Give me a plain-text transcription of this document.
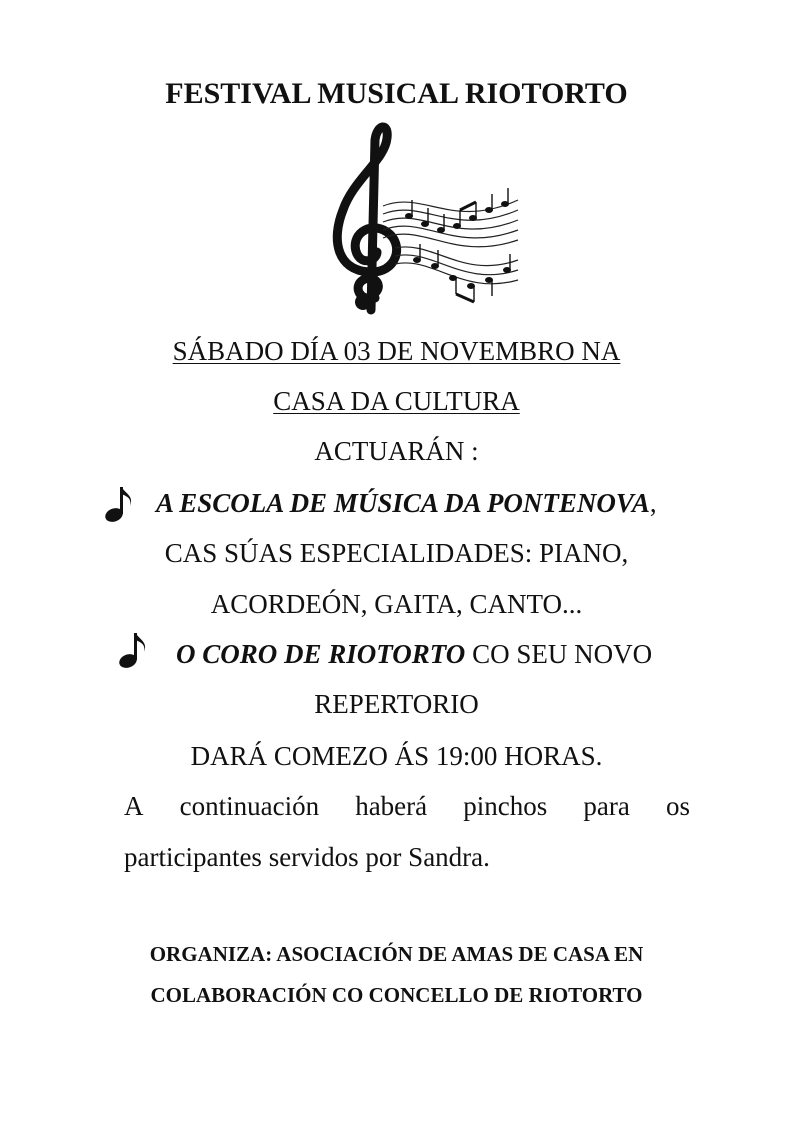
FESTIVAL MUSICAL RIOTORTO
SÁBADO DÍA 03 DE NOVEMBRO NA
CASA DA CULTURA
ACTUARÁN :
A ESCOLA DE MÚSICA DA PONTENOVA,
CAS SÚAS ESPECIALIDADES: PIANO,
ACORDEÓN, GAITA, CANTO...
O CORO DE RIOTORTO CO SEU NOVO
REPERTORIO
DARÁ COMEZO ÁS 19:00 HORAS.
A continuación haberá pinchos para os
participantes servidos por Sandra.
ORGANIZA: ASOCIACIÓN DE AMAS DE CASA EN
COLABORACIÓN CO CONCELLO DE RIOTORTO
